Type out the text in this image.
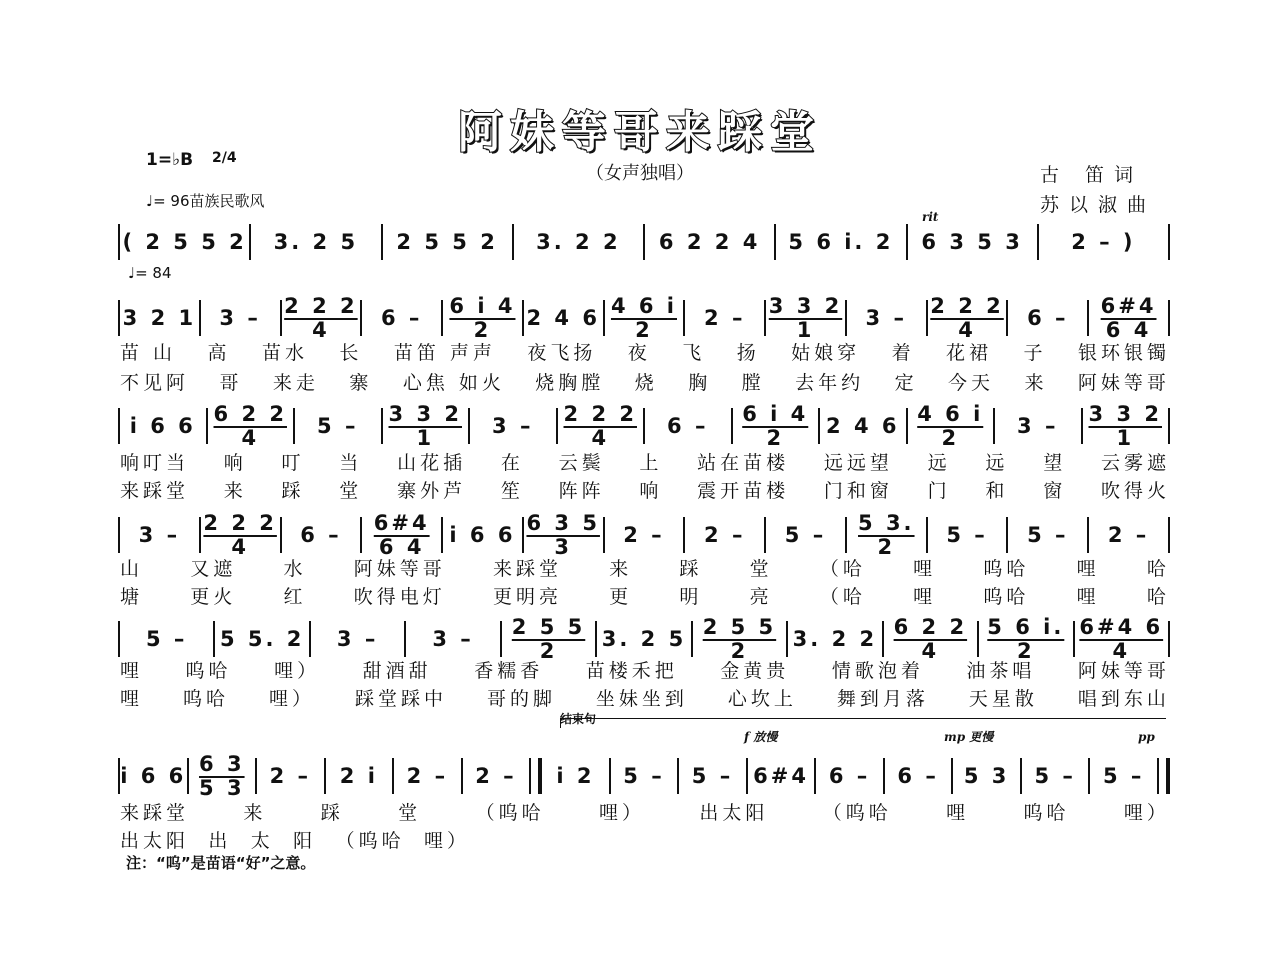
阿妹等哥来踩堂
（女声独唱）
1=♭B 2/4
♩= 96苗族民歌风
古 笛词
苏以淑曲
rit
♩= 84
( 2 5 5 2	3. 2 5	2 5 5 2	3. 2 2	6 2 2 4	5 6 i. 2	6 3 5 3	2 – )
3 2 1	3 –	2 2 2 4	6 –	6 i 4 2	2 4 6 4 6 i 2	2 –	3 3 2 1	3 –	2 2 2 4	6 –	6#4 6 4
i 6 6 6 2 2 4	5 –	3 3 2 1	3 –	2 2 2 4	6 –	6 i 4 2	2 4 6 4 6 i 2	3 –	3 3 2 1
3 –	2 2 2 4	6 –	6#4 6 4	i 6 6 6 3 5 3	2 –	2 –	5 –	5 3. 2	5 –	5 –	2 –
5 –	5 5. 2	3 –	3 –	2 5 5 2	3. 2 5 2 5 5 2	3. 2 2 6 2 2 4
5 6 i. 2
6#4 6 4
i 6 6 6 3 5 3	2 –	2 i	2 –	2 –	i 2	5 –	5 – 6#4 6 –	6 –	5 3	5 –	5 –
结束句
f 放慢	mp 更慢	pp
苗 山 高 苗水 长 苗笛 声声 夜飞扬 夜 飞 扬 姑娘穿 着 花裙 子 银环银镯
不见阿 哥 来走 寨 心焦 如火 烧胸膛 烧 胸 膛 去年约 定 今天 来 阿妹等哥
响叮当 响 叮 当 山花插 在 云鬓 上 站在苗楼 远远望 远 远 望 云雾遮
来踩堂 来 踩 堂 寨外芦 笙 阵阵 响 震开苗楼 门和窗 门 和 窗 吹得火
山 又遮 水 阿妹等哥 来踩堂 来 踩 堂 （哈 哩 呜哈 哩 哈
塘 更火 红 吹得电灯 更明亮 更 明 亮 （哈 哩 呜哈 哩 哈
哩 呜哈 哩） 甜酒甜 香糯香 苗楼禾把 金黄贵 情歌泡着 油茶唱 阿妹等哥
哩 呜哈 哩） 踩堂踩中 哥的脚 坐妹坐到 心坎上 舞到月落 天星散 唱到东山
来踩堂	来	踩	堂	（呜哈	哩）	出太阳	（呜哈	哩	呜哈	哩）
出太阳 出 太 阳 （呜哈 哩）
注：“呜”是苗语“好”之意。
